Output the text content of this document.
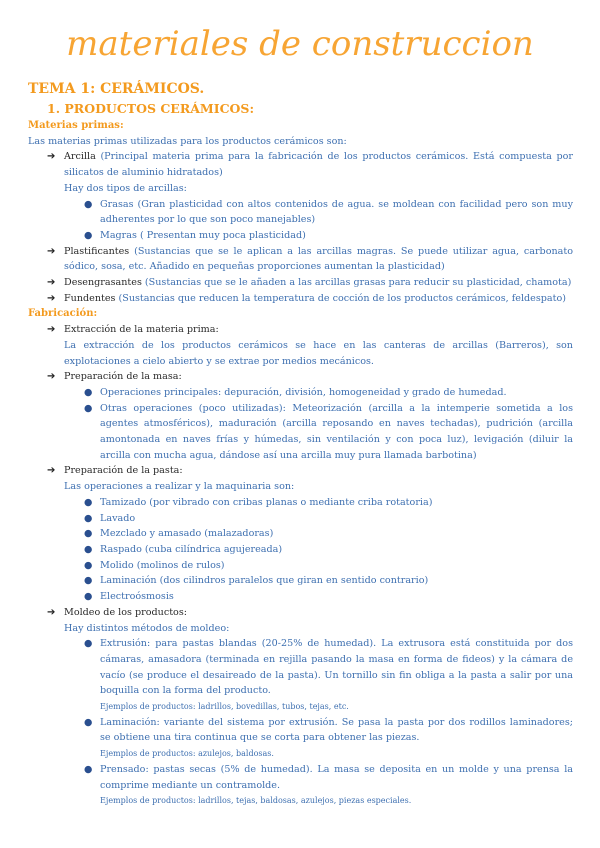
materiales de construccion
TEMA 1: CERÁMICOS.
1. PRODUCTOS CERÁMICOS:
Materias primas:
Las materias primas utilizadas para los productos cerámicos son:
➔ Arcilla (Principal materia prima para la fabricación de los productos cerámicos. Está compuesta por silicatos de aluminio hidratados)
Hay dos tipos de arcillas:
● Grasas (Gran plasticidad con altos contenidos de agua. se moldean con facilidad pero son muy adherentes por lo que son poco manejables)
● Magras ( Presentan muy poca plasticidad)
➔ Plastificantes (Sustancias que se le aplican a las arcillas magras. Se puede utilizar agua, carbonato sódico, sosa, etc. Añadido en pequeñas proporciones aumentan la plasticidad)
➔ Desengrasantes (Sustancias que se le añaden a las arcillas grasas para reducir su plasticidad, chamota)
➔ Fundentes (Sustancias que reducen la temperatura de cocción de los productos cerámicos, feldespato)
Fabricación:
➔ Extracción de la materia prima:
La extracción de los productos cerámicos se hace en las canteras de arcillas (Barreros), son explotaciones a cielo abierto y se extrae por medios mecánicos.
➔ Preparación de la masa:
● Operaciones principales: depuración, división, homogeneidad y grado de humedad.
● Otras operaciones (poco utilizadas): Meteorización (arcilla a la intemperie sometida a los agentes atmosféricos), maduración (arcilla reposando en naves techadas), pudrición (arcilla amontonada en naves frías y húmedas, sin ventilación y con poca luz), levigación (diluir la arcilla con mucha agua, dándose así una arcilla muy pura llamada barbotina)
➔ Preparación de la pasta:
Las operaciones a realizar y la maquinaria son:
● Tamizado (por vibrado con cribas planas o mediante criba rotatoria)
● Lavado
● Mezclado y amasado (malazadoras)
● Raspado (cuba cilíndrica agujereada)
● Molido (molinos de rulos)
● Laminación (dos cilindros paralelos que giran en sentido contrario)
● Electroósmosis
➔ Moldeo de los productos:
Hay distintos métodos de moldeo:
● Extrusión: para pastas blandas (20-25% de humedad). La extrusora está constituida por dos cámaras, amasadora (terminada en rejilla pasando la masa en forma de fideos) y la cámara de vacío (se produce el desaireado de la pasta). Un tornillo sin fin obliga a la pasta a salir por una boquilla con la forma del producto.
Ejemplos de productos: ladrillos, bovedillas, tubos, tejas, etc.
● Laminación: variante del sistema por extrusión. Se pasa la pasta por dos rodillos laminadores; se obtiene una tira continua que se corta para obtener las piezas.
Ejemplos de productos: azulejos, baldosas.
● Prensado: pastas secas (5% de humedad). La masa se deposita en un molde y una prensa la comprime mediante un contramolde.
Ejemplos de productos: ladrillos, tejas, baldosas, azulejos, piezas especiales.
